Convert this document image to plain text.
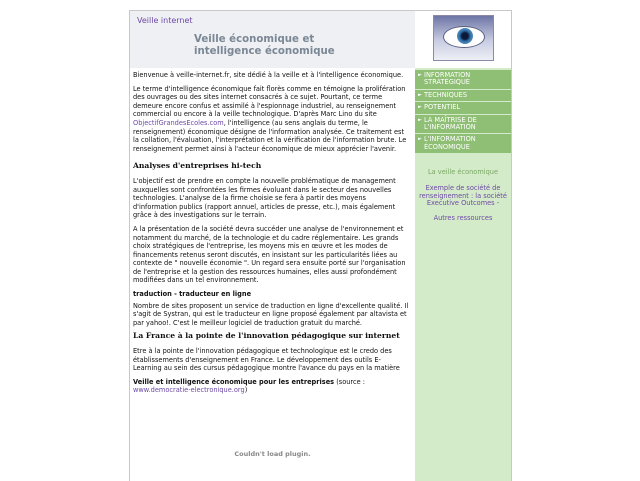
Veille internet
Veille économique et
intelligence économique

Bienvenue à veille-internet.fr, site dédié à la veille et à l'intelligence économique.

Le terme d'intelligence économique fait florès comme en témoigne la prolifération des ouvrages ou des sites internet consacrés à ce sujet. Pourtant, ce terme demeure encore confus et assimilé à l'espionnage industriel, au renseignement commercial ou encore à la veille technologique. D'après Marc Lino du site ObjectifGrandesEcoles.com, l'intelligence (au sens anglais du terme, le renseignement) économique désigne de l'information analysée. Ce traitement est la collation, l'évaluation, l'interprétation et la vérification de l'information brute. Le renseignement permet ainsi à l'acteur économique de mieux apprécier l'avenir.

Analyses d'entreprises hi-tech

L'objectif est de prendre en compte la nouvelle problématique de management auxquelles sont confrontées les firmes évoluant dans le secteur des nouvelles technologies. L'analyse de la firme choisie se fera à partir des moyens d'information publics (rapport annuel, articles de presse, etc.), mais également grâce à des investigations sur le terrain.

A la présentation de la société devra succéder une analyse de l'environnement et notamment du marché, de la technologie et du cadre réglementaire. Les grands choix stratégiques de l'entreprise, les moyens mis en œuvre et les modes de financements retenus seront discutés, en insistant sur les particularités liées au contexte de " nouvelle économie ". Un regard sera ensuite porté sur l'organisation de l'entreprise et la gestion des ressources humaines, elles aussi profondément modifiées dans un tel environnement.

traduction - traducteur en ligne

Nombre de sites proposent un service de traduction en ligne d'excellente qualité. Il s'agit de Systran, qui est le traducteur en ligne proposé également par altavista et par yahoo!. C'est le meilleur logiciel de traduction gratuit du marché.

La France à la pointe de l'innovation pédagogique sur internet

Etre à la pointe de l'innovation pédagogique et technologique est le credo des établissements d'enseignement en France. Le développement des outils E-Learning au sein des cursus pédagogique montre l'avance du pays en la matière

Veille et intelligence économique pour les entreprises (source : www.democratie-electronique.org)

Couldn't load plugin.
► INFORMATION STRATÉGIQUE
► TECHNIQUES
► POTENTIEL
► LA MAÎTRISE DE L'INFORMATION
► L'INFORMATION ÉCONOMIQUE
La veille économique
Exemple de société de renseignement : la société Executive Outcomes -
Autres ressources
